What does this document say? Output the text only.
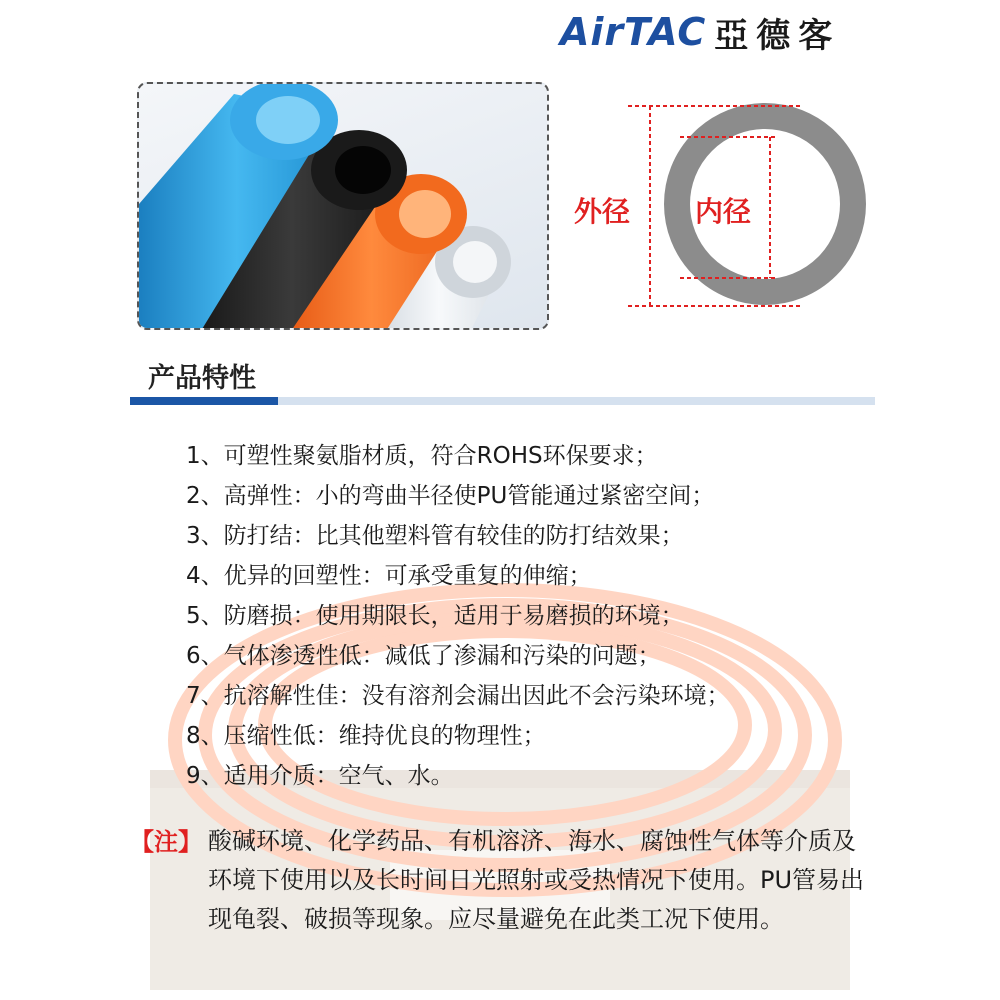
AirTAC 亞德客
外径 内径
产品特性
1、可塑性聚氨脂材质，符合ROHS环保要求；
2、高弹性：小的弯曲半径使PU管能通过紧密空间；
3、防打结：比其他塑料管有较佳的防打结效果；
4、优异的回塑性：可承受重复的伸缩；
5、防磨损：使用期限长，适用于易磨损的环境；
6、气体渗透性低：减低了渗漏和污染的问题；
7、抗溶解性佳：没有溶剂会漏出因此不会污染环境；
8、压缩性低：维持优良的物理性；
9、适用介质：空气、水。
【注】 酸碱环境、化学药品、有机溶济、海水、腐蚀性气体等介质及环境下使用以及长时间日光照射或受热情况下使用。PU管易出现龟裂、破损等现象。应尽量避免在此类工况下使用。
